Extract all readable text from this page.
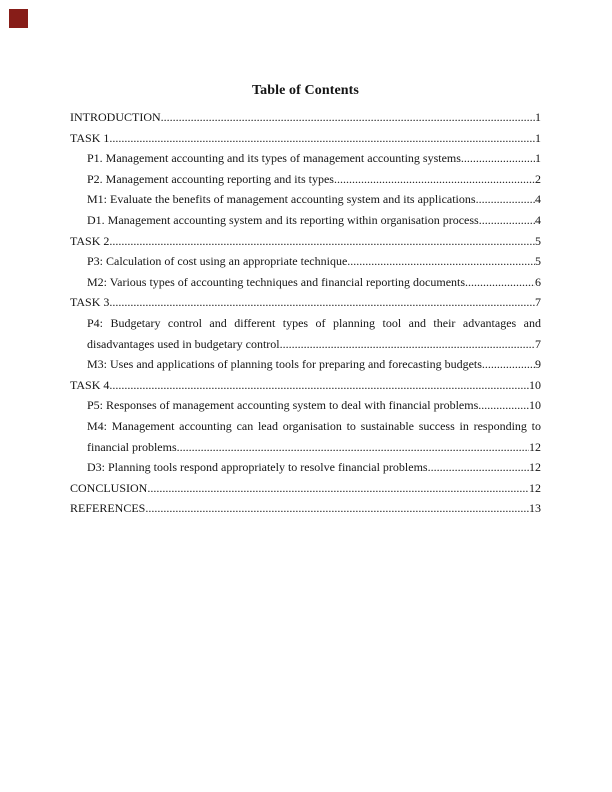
Table of Contents
INTRODUCTION .....	1
TASK 1 .....	1
P1. Management accounting and its types of management accounting systems .....	1
P2. Management accounting reporting and its types .....	2
M1: Evaluate the benefits of management accounting system and its applications .....	4
D1. Management accounting system and its reporting within organisation process .....	4
TASK 2 .....	5
P3: Calculation of cost using an appropriate technique .....	5
M2: Various types of accounting techniques and financial reporting documents .....	6
TASK 3 .....	7
P4: Budgetary control and different types of planning tool and their advantages and
disadvantages used in budgetary control .....	7
M3: Uses and applications of planning tools for preparing and forecasting budgets .....	9
TASK 4 .....	10
P5: Responses of management accounting system to deal with financial problems .....	10
M4: Management accounting can lead organisation to sustainable success in responding to
financial problems .....	12
D3: Planning tools respond appropriately to resolve financial problems .....	12
CONCLUSION .....	12
REFERENCES .....	13
